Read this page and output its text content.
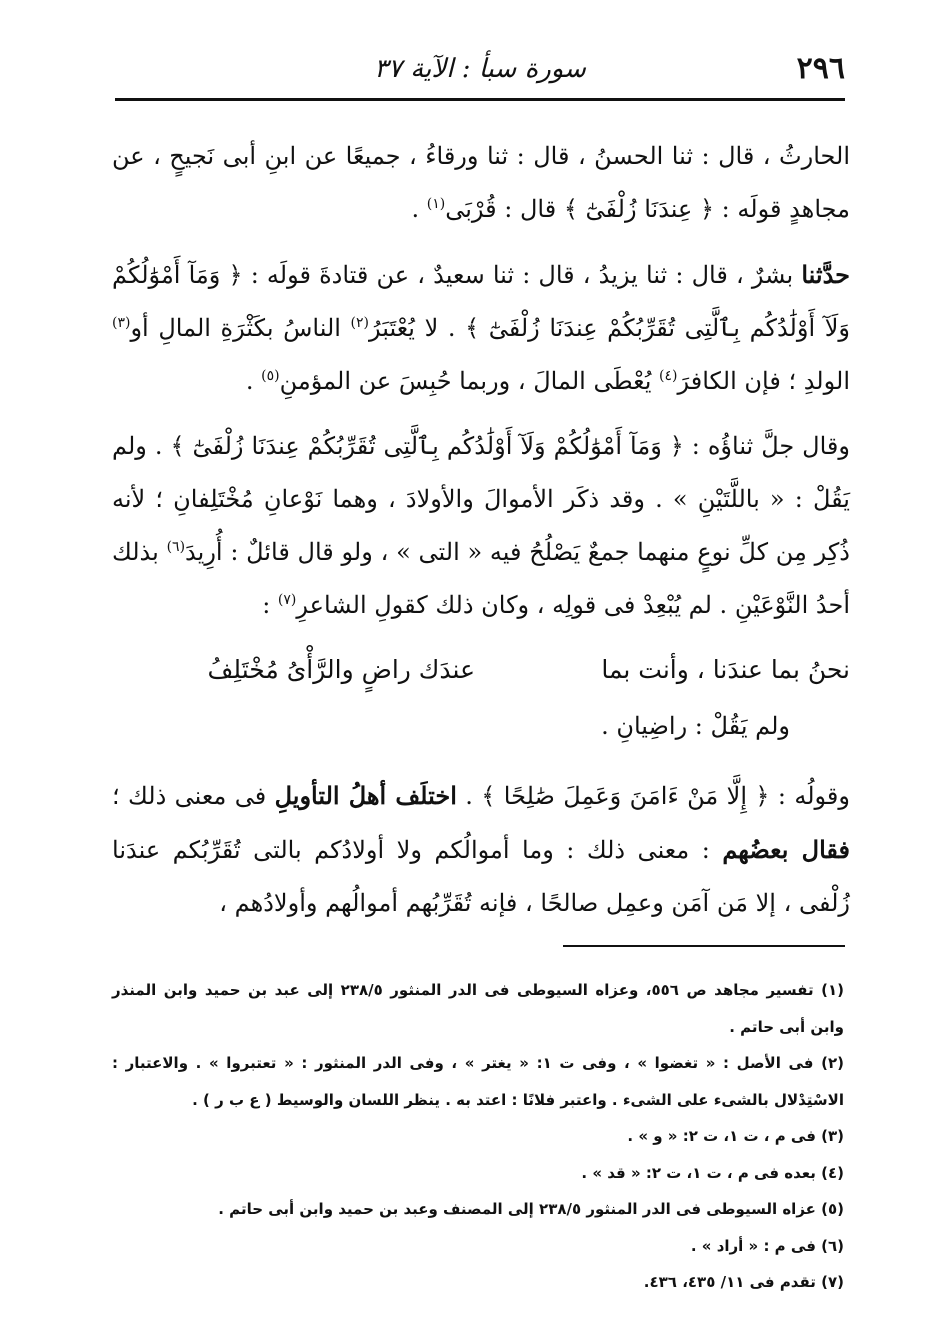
٢٩٦
سورة سبأ : الآية ٣٧

الحارثُ ، قال : ثنا الحسنُ ، قال : ثنا ورقاءُ ، جميعًا عن ابنِ أبى نَجيحٍ ، عن مجاهدٍ قولَه : ﴿ عِندَنَا زُلْفَىٰٓ ﴾ قال : قُرْبَى$^{(١)}$ .

حدَّثنا بشرٌ ، قال : ثنا يزيدُ ، قال : ثنا سعيدٌ ، عن قتادةَ قولَه : ﴿ وَمَآ أَمْوَٰلُكُمْ وَلَآ أَوْلَٰدُكُم بِٱلَّتِى تُقَرِّبُكُمْ عِندَنَا زُلْفَىٰٓ ﴾ . لا يُعْتَبَرُ$^{(٢)}$ الناسُ بكَثْرَةِ المالِ أو$^{(٣)}$ الولدِ ؛ فإن الكافرَ$^{(٤)}$ يُعْطَى المالَ ، وربما حُبِسَ عن المؤمنِ$^{(٥)}$ .

وقال جلَّ ثناؤُه : ﴿ وَمَآ أَمْوَٰلُكُمْ وَلَآ أَوْلَٰدُكُم بِٱلَّتِى تُقَرِّبُكُمْ عِندَنَا زُلْفَىٰٓ ﴾ . ولم يَقُلْ : « باللَّتَيْنِ » . وقد ذكَر الأموالَ والأولادَ ، وهما نَوْعانِ مُخْتَلِفانِ ؛ لأنه ذُكِر مِن كلِّ نوعٍ منهما جمعٌ يَصْلُحُ فيه « التى » ، ولو قال قائلٌ : أُرِيدَ$^{(٦)}$ بذلك أحدُ النَّوْعَيْنِ . لم يُبْعِدْ فى قولِه ، وكان ذلك كقولِ الشاعرِ$^{(٧)}$ :

نحنُ بما عندَنا ، وأنت بماعندَك راضٍ والرَّأْىُ مُخْتَلِفُ

ولم يَقُلْ : راضِيانِ .

وقولُه : ﴿ إِلَّا مَنْ ءَامَنَ وَعَمِلَ صَٰلِحًا ﴾ . اختلَف أهلُ التأويلِ فى معنى ذلك ؛ فقال بعضُهم : معنى ذلك : وما أموالُكم ولا أولادُكم بالتى تُقَرِّبُكم عندَنا زُلْفى ، إلا مَن آمَن وعمِل صالحًا ، فإنه تُقَرِّبُهم أموالُهم وأولادُهم ،

(١) تفسير مجاهد ص ٥٥٦، وعزاه السيوطى فى الدر المنثور ٢٣٨/٥ إلى عبد بن حميد وابن المنذر وابن أبى حاتم .

(٢) فى الأصل : « تغضوا » ، وفى ت ١: « يغتر » ، وفى الدر المنثور : « تعتبروا » . والاعتبار : الاسْتِدْلال بالشىء على الشىء . واعتبر فلانًا : اعتد به . ينظر اللسان والوسيط ( ع ب ر ) .

(٣) فى م ، ت ١، ت ٢: « و » .

(٤) بعده فى م ، ت ١، ت ٢: « قد » .

(٥) عزاه السيوطى فى الدر المنثور ٢٣٨/٥ إلى المصنف وعبد بن حميد وابن أبى حاتم .

(٦) فى م : « أراد » .

(٧) تقدم فى ١١/ ٤٣٥، ٤٣٦.
